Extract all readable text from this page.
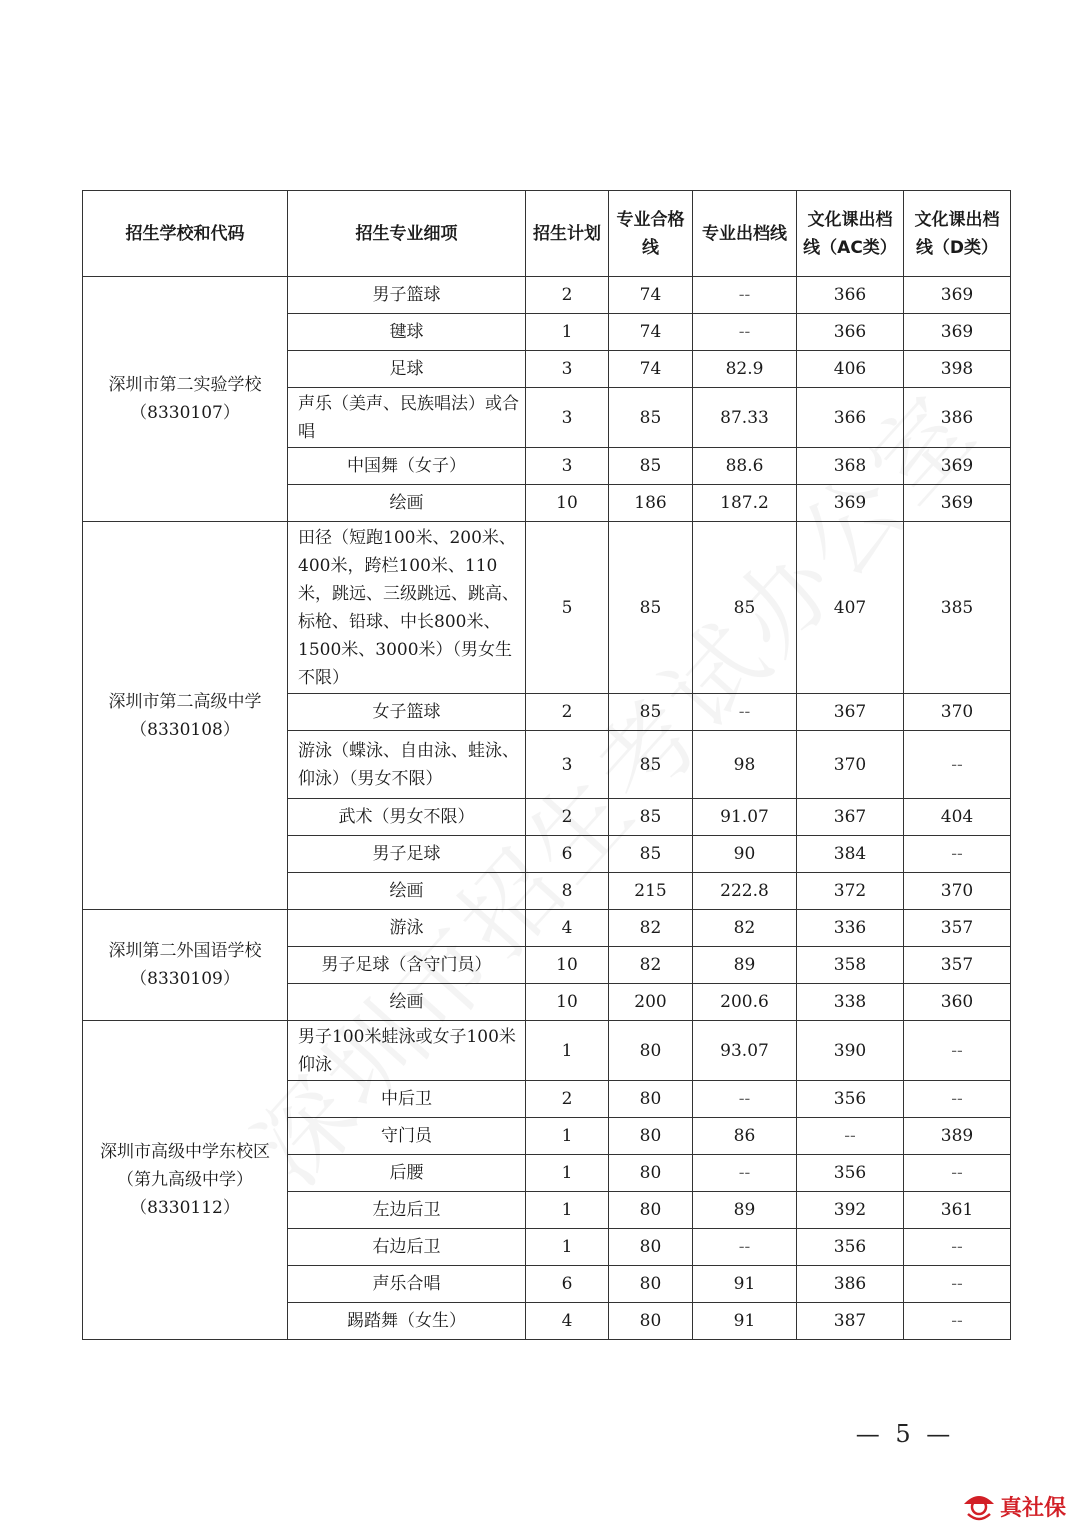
招生学校和代码	招生专业细项	招生计划	专业合格线	专业出档线	文化课出档线（AC类）	文化课出档线（D类）

深圳市第二实验学校
（8330107）	男子篮球	2	74	--	366	369
	毽球	1	74	--	366	369
	足球	3	74	82.9	406	398
	声乐（美声、民族唱法）或合唱	3	85	87.33	366	386
	中国舞（女子）	3	85	88.6	368	369
	绘画	10	186	187.2	369	369

深圳市第二高级中学
（8330108）	田径（短跑100米、200米、400米，跨栏100米、110米，跳远、三级跳远、跳高、标枪、铅球、中长800米、1500米、3000米）（男女生不限）	5	85	85	407	385
	女子篮球	2	85	--	367	370
	游泳（蝶泳、自由泳、蛙泳、仰泳）（男女不限）	3	85	98	370	--
	武术（男女不限）	2	85	91.07	367	404
	男子足球	6	85	90	384	--
	绘画	8	215	222.8	372	370

深圳第二外国语学校
（8330109）	游泳	4	82	82	336	357
	男子足球（含守门员）	10	82	89	358	357
	绘画	10	200	200.6	338	360

深圳市高级中学东校区（第九高级中学）
（8330112）	男子100米蛙泳或女子100米仰泳	1	80	93.07	390	--
	中后卫	2	80	--	356	--
	守门员	1	80	86	--	389
	后腰	1	80	--	356	--
	左边后卫	1	80	89	392	361
	右边后卫	1	80	--	356	--
	声乐合唱	6	80	91	386	--
	踢踏舞（女生）	4	80	91	387	--
— 5 —
真社保
